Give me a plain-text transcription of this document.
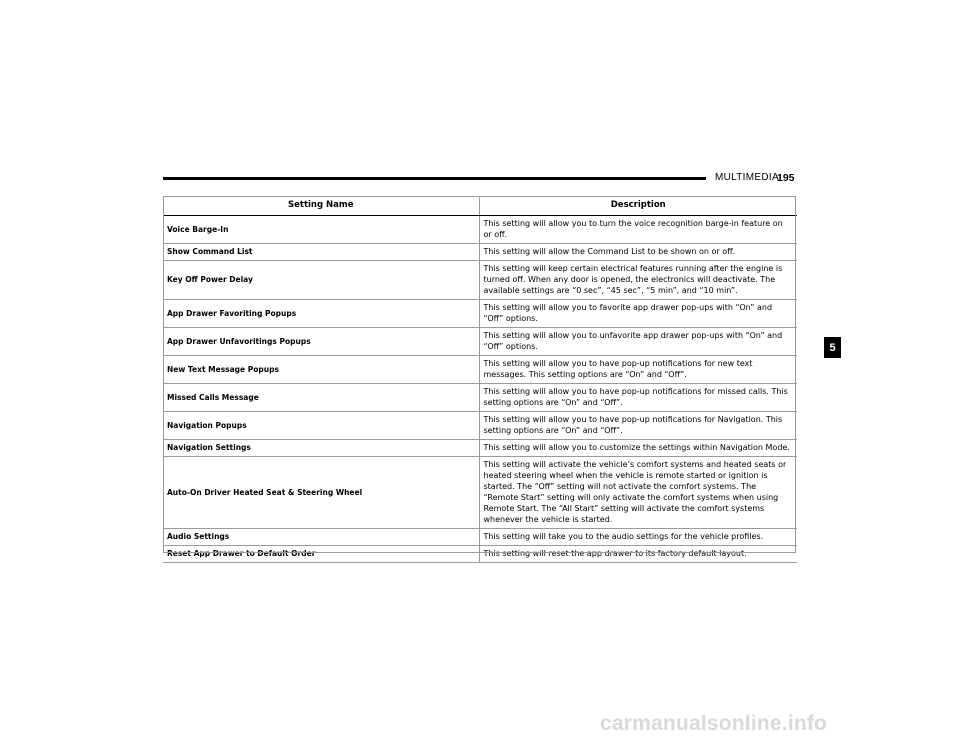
MULTIMEDIA
195
5
Setting Name	Description
Voice Barge-In	This setting will allow you to turn the voice recognition barge-in feature on or off.
Show Command List	This setting will allow the Command List to be shown on or off.
Key Off Power Delay	This setting will keep certain electrical features running after the engine is turned off. When any door is opened, the electronics will deactivate. The available settings are “0 sec”, “45 sec”, “5 min”, and “10 min”.
App Drawer Favoriting Popups	This setting will allow you to favorite app drawer pop-ups with “On” and “Off” options.
App Drawer Unfavoritings Popups	This setting will allow you to unfavorite app drawer pop-ups with “On” and “Off” options.
New Text Message Popups	This setting will allow you to have pop-up notifications for new text messages. This setting options are “On” and “Off”.
Missed Calls Message	This setting will allow you to have pop-up notifications for missed calls. This setting options are “On” and “Off”.
Navigation Popups	This setting will allow you to have pop-up notifications for Navigation. This setting options are “On” and “Off”.
Navigation Settings	This setting will allow you to customize the settings within Navigation Mode.
Auto-On Driver Heated Seat & Steering Wheel	This setting will activate the vehicle’s comfort systems and heated seats or heated steering wheel when the vehicle is remote started or ignition is started. The “Off” setting will not activate the comfort systems. The “Remote Start” setting will only activate the comfort systems when using Remote Start. The “All Start” setting will activate the comfort systems whenever the vehicle is started.
Audio Settings	This setting will take you to the audio settings for the vehicle profiles.
Reset App Drawer to Default Order	This setting will reset the app drawer to its factory default layout.
carmanualsonline.info
